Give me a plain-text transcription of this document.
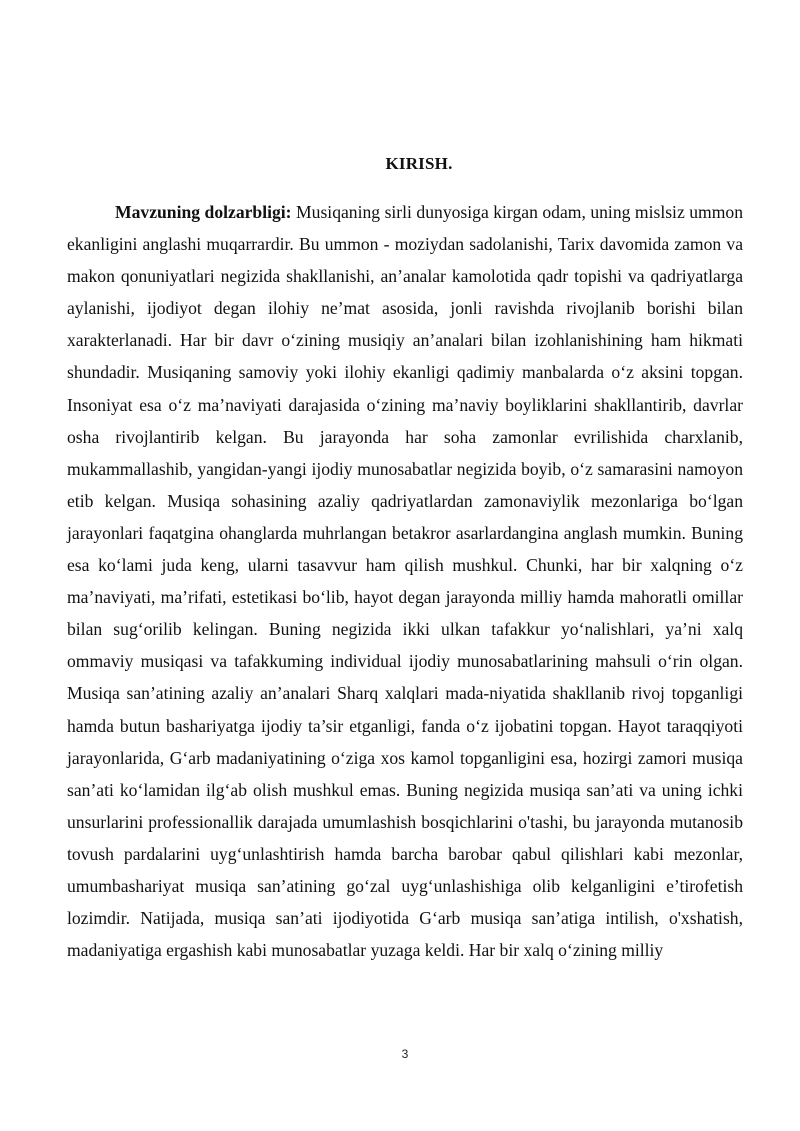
KIRISH.

Mavzuning dolzarbligi: Musiqaning sirli dunyosiga kirgan odam, uning mislsiz ummon ekanligini anglashi muqarrardir. Bu ummon - moziydan sadolanishi, Tarix davomida zamon va makon qonuniyatlari negizida shakllanishi, an’analar kamolotida qadr topishi va qadriyatlarga aylanishi, ijodiyot degan ilohiy ne’mat asosida, jonli ravishda rivojlanib borishi bilan xarakterlanadi. Har bir davr o‘zining musiqiy an’analari bilan izohlanishining ham hikmati shundadir. Musiqaning samoviy yoki ilohiy ekanligi qadimiy manbalarda o‘z aksini topgan. Insoniyat esa o‘z ma’naviyati darajasida o‘zining ma’naviy boyliklarini shakllantirib, davrlar osha rivojlantirib kelgan. Bu jarayonda har soha zamonlar evrilishida charxlanib, mukammallashib, yangidan-yangi ijodiy munosabatlar negizida boyib, o‘z samarasini namoyon etib kelgan. Musiqa sohasining azaliy qadriyatlardan zamonaviylik mezonlariga bo‘lgan jarayonlari faqatgina ohanglarda muhrlangan betakror asarlardangina anglash mumkin. Buning esa ko‘lami juda keng, ularni tasavvur ham qilish mushkul. Chunki, har bir xalqning o‘z ma’naviyati, ma’rifati, estetikasi bo‘lib, hayot degan jarayonda milliy hamda mahoratli omillar bilan sug‘orilib kelingan. Buning negizida ikki ulkan tafakkur yo‘nalishlari, ya’ni xalq ommaviy musiqasi va tafakkuming individual ijodiy munosabatlarining mahsuli o‘rin olgan. Musiqa san’atining azaliy an’analari Sharq xalqlari mada-niyatida shakllanib rivoj topganligi hamda butun bashariyatga ijodiy ta’sir etganligi, fanda o‘z ijobatini topgan. Hayot taraqqiyoti jarayonlarida, G‘arb madaniyatining o‘ziga xos kamol topganligini esa, hozirgi zamori musiqa san’ati ko‘lamidan ilg‘ab olish mushkul emas. Buning negizida musiqa san’ati va uning ichki unsurlarini professionallik darajada umumlashish bosqichlarini o'tashi, bu jarayonda mutanosib tovush pardalarini uyg‘unlashtirish hamda barcha barobar qabul qilishlari kabi mezonlar, umumbashariyat musiqa san’atining go‘zal uyg‘unlashishiga olib kelganligini e’tirofetish lozimdir. Natijada, musiqa san’ati ijodiyotida G‘arb musiqa san’atiga intilish, o'xshatish, madaniyatiga ergashish kabi munosabatlar yuzaga keldi. Har bir xalq o‘zining milliy

3
